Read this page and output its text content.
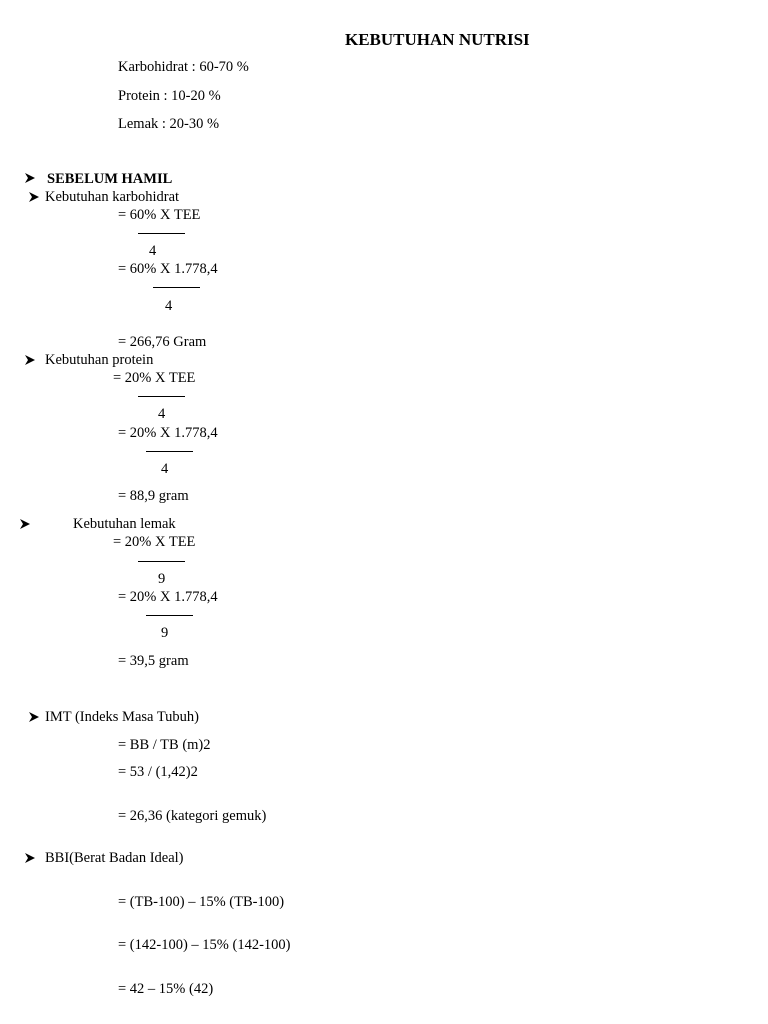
KEBUTUHAN NUTRISI
Karbohidrat : 60-70 %
Protein : 10-20 %
Lemak : 20-30 %
SEBELUM HAMIL
Kebutuhan karbohidrat
= 60% X TEE
4
= 60% X 1.778,4
4
= 266,76 Gram
Kebutuhan protein
= 20% X TEE
4
= 20% X 1.778,4
4
= 88,9 gram
Kebutuhan lemak
= 20% X TEE
9
= 20% X 1.778,4
9
= 39,5 gram
IMT (Indeks Masa Tubuh)
= BB / TB (m)2
= 53 / (1,42)2
= 26,36 (kategori gemuk)
BBI(Berat Badan Ideal)
= (TB-100) – 15% (TB-100)
= (142-100) – 15% (142-100)
= 42 – 15% (42)
